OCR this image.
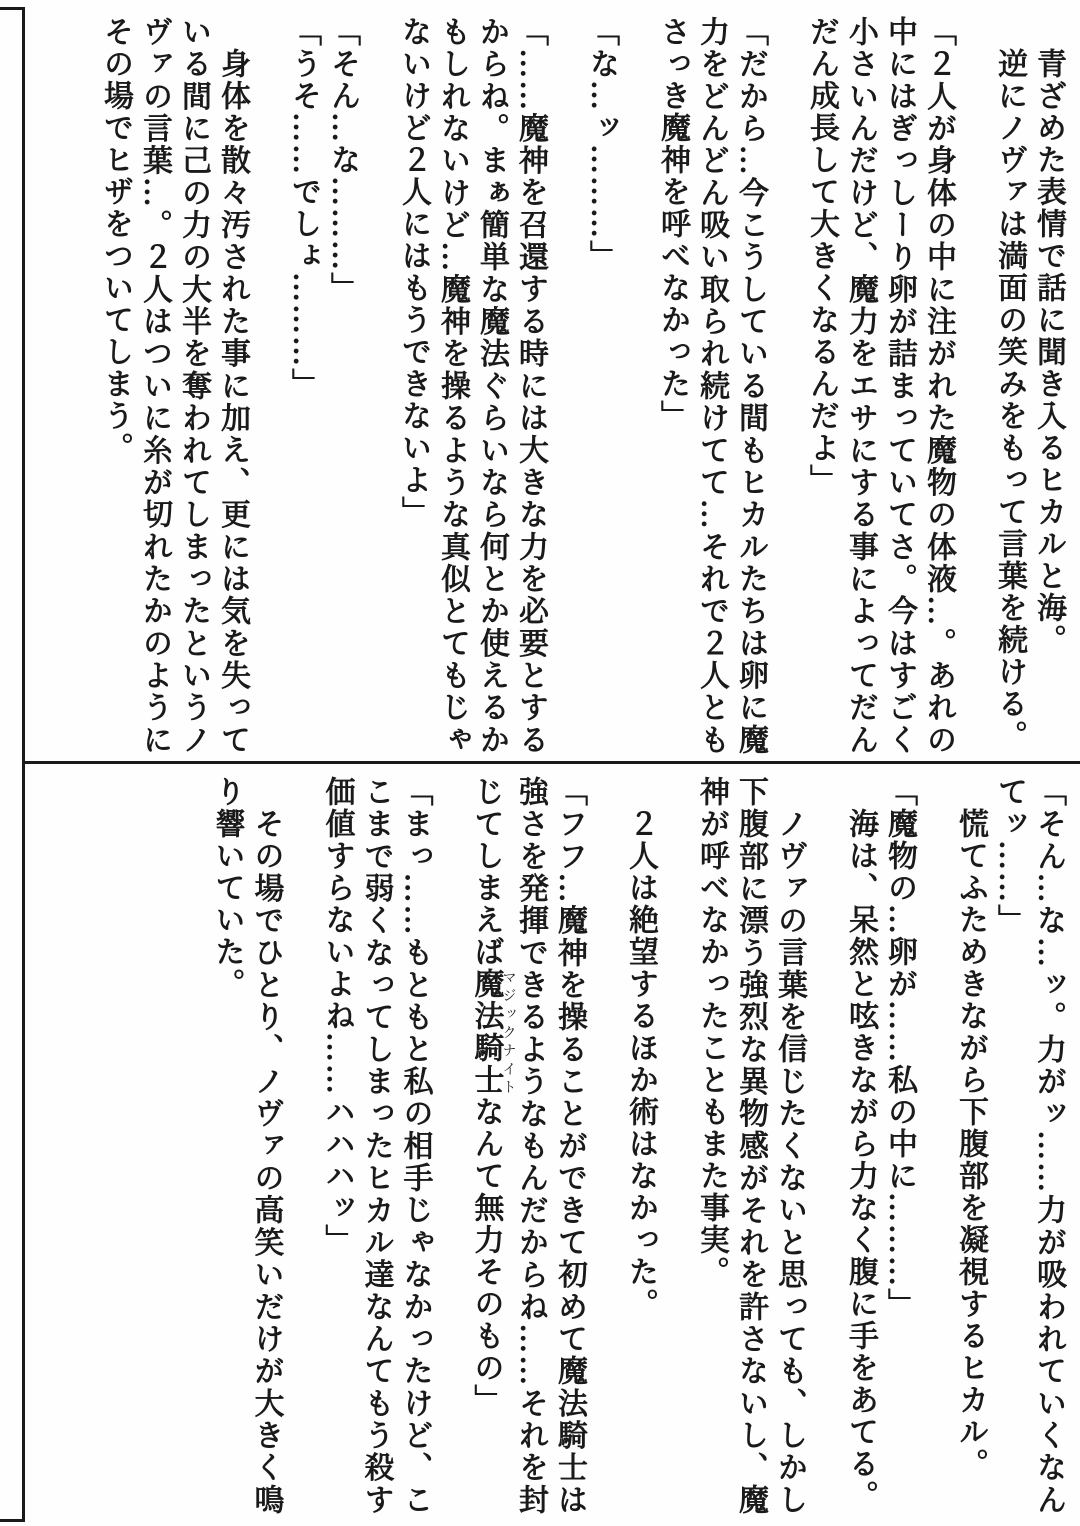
青ざめた表情で話に聞き入るヒカルと海。

逆にノヴァは満面の笑みをもって言葉を続ける。

「２人が身体の中に注がれた魔物の体液…。あれの中にはぎっしーり卵が詰まっていてさ。今はすごく小さいんだけど、魔力をエサにする事によってだんだん成長して大きくなるんだよ」

「だから…今こうしている間もヒカルたちは卵に魔力をどんどん吸い取られ続けてて…それで２人ともさっき魔神を呼べなかった」

「な…ッ………」

「……魔神を召還する時には大きな力を必要とするからね。まぁ簡単な魔法ぐらいなら何とか使えるかもしれないけど…魔神を操るような真似とてもじゃないけど２人にはもうできないよ」

「そん…な………」

「うそ……でしょ………」

身体を散々汚された事に加え、更には気を失っている間に己の力の大半を奪われてしまったというノヴァの言葉…。２人はついに糸が切れたかのようにその場でヒザをついてしまう。

「そん…な…ッ。力がッ……力が吸われていくなんてッ……」

慌てふためきながら下腹部を凝視するヒカル。

「魔物の…卵が……私の中に………」

海は、呆然と呟きながら力なく腹に手をあてる。

ノヴァの言葉を信じたくないと思っても、しかし下腹部に漂う強烈な異物感がそれを許さないし、魔神が呼べなかったこともまた事実。

２人は絶望するほか術はなかった。

「フフ…魔神を操ることができて初めて魔法騎士は強さを発揮できるようなもんだからね……それを封じてしまえば魔法騎士マジックナイトなんて無力そのもの」

「まっ……もともと私の相手じゃなかったけど、ここまで弱くなってしまったヒカル達なんてもう殺す価値すらないよね……ハハハッ」

その場でひとり、ノヴァの高笑いだけが大きく鳴り響いていた。
